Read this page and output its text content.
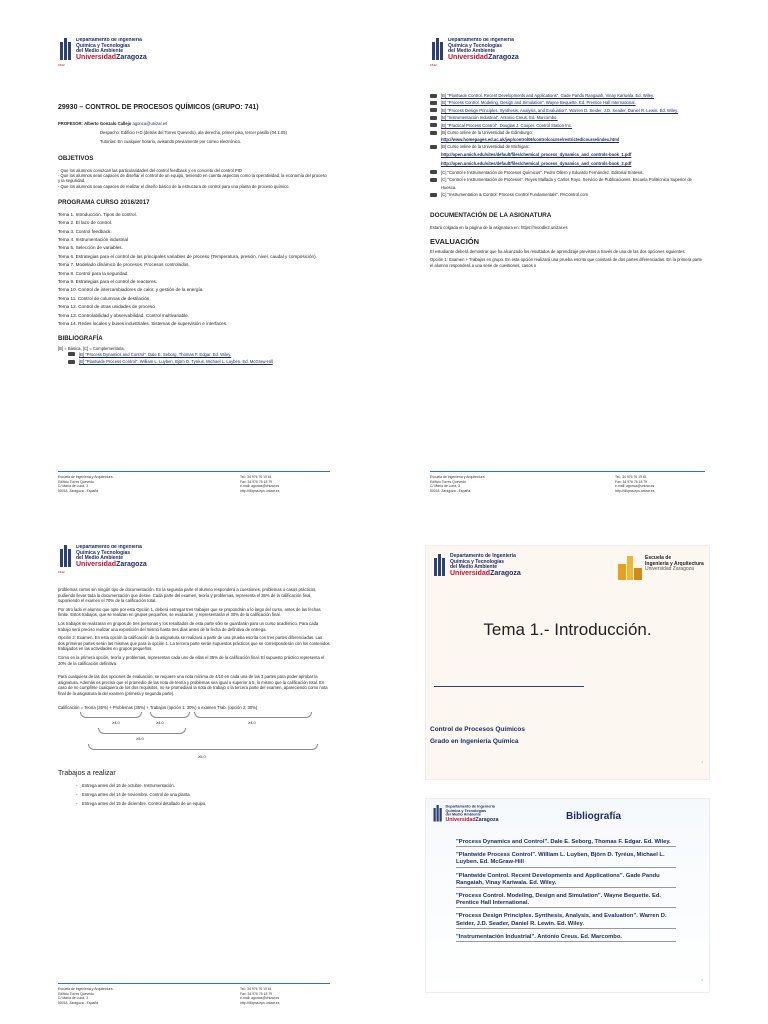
1542
Departamento de Ingeniería
Química y Tecnologías
del Medio Ambiente
UniversidadZaragoza
29930 – CONTROL DE PROCESOS QUÍMICOS (GRUPO: 741)
PROFESOR: Alberto Gonzalo Callejo agonca@unizar.es
Despacho: Edificio I+D (detrás del Torres Quevedo), ala derecha, primer piso, tercer pasillo (04.1.05)
Tutorías: En cualquier horario, avisando previamente por correo electrónico.
OBJETIVOS
- Que los alumnos conozcan las particularidades del control feedback y en concreto del control PID
- Que los alumnos sean capaces de diseñar el control de un equipo, teniendo en cuenta aspectos como la operatividad, la economía del proceso y la seguridad.
- Que los alumnos sean capaces de realizar el diseño básico de la estructura de control para una planta de proceso químico.
PROGRAMA CURSO 2016/2017
Tema 1. Introducción. Tipos de control.
Tema 2. El lazo de control.
Tema 3. Control feedback.
Tema 4. Instrumentación industrial
Tema 5. Selección de variables.
Tema 6. Estrategias para el control de las principales variables de proceso (Temperatura, presión, nivel, caudal y composición).
Tema 7. Modelado dinámico de procesos. Procesos controlados.
Tema 8. Control para la seguridad.
Tema 9. Estrategias para el control de reactores.
Tema 10. Control de intercambiadores de calor, y gestión de la energía.
Tema 11. Control de columnas de destilación.
Tema 12. Control de otras unidades de proceso
Tema 13. Controlabilidad y observabilidad. Control multivariable.
Tema 14. Redes locales y buses industriales. Sistemas de supervisión e interfaces.
BIBLIOGRAFÍA
[B] = Básica, [C] = Complementaria.
[B] "Process Dynamics and Control". Dale E. Seborg, Thomas F. Edgar. Ed. Wiley.
[B] "Plantwide Process Control". William L. Luyben, Björn D. Tyréus, Michael L. Luyben. Ed. McGraw-Hill
Escuela de Ingeniería y Arquitectura
Edificio Torres Quevedo
C/ María de Luna, 3
50018. Zaragoza - España
Tel.: 34 976 76 19 61
Fax: 34 976 76 18 79
e-mail: agonca@unizar.es
http://diiqma.eps.unizar.es
1542
Departamento de Ingeniería
Química y Tecnologías
del Medio Ambiente
UniversidadZaragoza
[B] "Plantwide Control. Recent Developments and Applications". Gade Pandu Rangaiah, Vinay Kariwala. Ed. Wiley.
[B] "Process Control. Modeling, Design and Simulation". Wayne Bequette. Ed. Prentice Hall International.
[B] "Process Design Principles. Synthesis, Analysis, and Evaluation". Warren D. Seider, J.D. Seader, Daniel R. Lewin. Ed. Wiley.
[B] "Instrumentación Industrial". Antonio Creus. Ed. Marcombo.
[B] "Practical Process Control". Douglas J. Cooper. Control Station Inc.
[B] Curso online de la Universidad de Edimburgo:
http://www.homepages.ed.ac.uk/jwp/control06/controlcourse/restricted/course/index.html
[B] Curso online de la Universidad de Michigan:
http://open.umich.edu/sites/default/files/chemical_process_dynamics_and_controls-book_1.pdf
http://open.umich.edu/sites/default/files/chemical_process_dynamics_and_controls-book_2.pdf
[C] "Control e Instrumentación de Procesos Químicos". Pedro Ollero y Eduardo Fernández. Editorial Síntesis.
[C] "Control e Instrumentación de Procesos". Reyes Mallada y Carlos Royo. Servicio de Publicaciones. Escuela Politécnica Superior de Huesca.
[C] "Instrumentation & Control: Process Control Fundamentals". PAControl.com
DOCUMENTACIÓN DE LA ASIGNATURA
Estará colgada en la página de la asignatura en: https://moodle2.unizar.es
EVALUACIÓN
El estudiante deberá demostrar que ha alcanzado los resultados de aprendizaje previstos a través de una de las dos opciones siguientes:
Opción 1: Examen + Trabajos en grupo. En esta opción realizará una prueba escrito que constará de dos partes diferenciadas. En la primera parte el alumno responderá a una serie de cuestiones, casos o
Escuela de Ingeniería y Arquitectura
Edificio Torres Quevedo
C/ María de Luna, 3
50018. Zaragoza - España
Tel.: 34 976 76 19 61
Fax: 34 976 76 18 79
e-mail: agonca@unizar.es
http://diiqma.eps.unizar.es
1542
Departamento de Ingeniería
Química y Tecnologías
del Medio Ambiente
UniversidadZaragoza

problemas cortos sin ningún tipo de documentación. En la segunda parte el alumno responderá a cuestiones, problemas o casos prácticos, pudiendo llevar toda la documentación que desee. Cada parte del examen, teoría y problemas, representa el 35% de la calificación final, suponiendo el examen el 70% de la calificación total.

Por otro lado el alumno que opte por esta Opción 1, deberá entregar tres trabajos que se propondrán a lo largo del curso, antes de las fechas límite. Estos trabajos, que se realizan en grupos pequeños, se evaluarán, y representarán el 30% de la calificación final.

Los trabajos se realizaran en grupos de tres personas y los resultados de esta parte sólo se guardarán para un curso académico. Para cada trabajo será preciso realizar una exposición del mismo hasta tres días antes de la fecha de definitiva de entrega.

Opción 2: Examen. En esta opción la calificación de la asignatura se realizará a partir de una prueba escrita con tres partes diferenciadas. Las dos primeras partes serán las mismas que para la opción 1. La tercera parte serán supuestos prácticos que se corresponderán con los contenidos trabajados en las actividades en grupos pequeños.

Como en la primera opción, teoría y problemas, representan cada uno de ellas el 35% de la calificación final. El supuesto práctico representa el 30% de la calificación definitiva.

Para cualquiera de las dos opciones de evaluación, se requiere una nota mínima de 4/10 en cada una de las 3 partes para poder aprobar la asignatura. Además es preciso que el promedio de las nota de teoría y problemas sea igual o superior a 5, lo mismo que la calificación total. En caso de no cumplirse cualquiera de los dos requisitos, no se promediará la nota de trabajo o la tercera parte del examen, apareciendo como nota final de la asignatura la del examen (primera y segunda parte).

Calificación = Teoría (35%) + Problemas (35%) + Trabajos (opción 1: 30%) o examen Trab. (opción 2; 30%)

≥4.0	≥4.0	≥4.0
≥5.0
≥5.0
Trabajos a realizar
- Entrega antes del 16 de octubre. Instrumentación.
- Entrega antes del 14 de noviembre. Control de una planta.
- Entrega antes del 15 de diciembre. Control detallado de un equipo.
Escuela de Ingeniería y Arquitectura
Edificio Torres Quevedo
C/ María de Luna, 3
50018. Zaragoza - España
Tel.: 34 976 76 19 61
Fax: 34 976 76 18 79
e-mail: agonca@unizar.es
http://diiqma.eps.unizar.es
Departamento de Ingeniería
Química y Tecnologías
del Medio Ambiente
UniversidadZaragoza
Escuela de
Ingeniería y Arquitectura
Universidad Zaragoza
Tema 1.- Introducción.
Control de Procesos Químicos
Grado en Ingeniería Química
1
Departamento de Ingeniería
Química y Tecnologías
del Medio Ambiente
UniversidadZaragoza	Bibliografía
"Process Dynamics and Control". Dale E. Seborg, Thomas F. Edgar. Ed. Wiley.
"Plantwide Process Control". William L. Luyben, Björn D. Tyréus, Michael L. Luyben. Ed. McGraw-Hill
"Plantwide Control. Recent Developments and Applications". Gade Pandu Rangaiah, Vinay Kariwala. Ed. Wiley.
"Process Control. Modeling, Design and Simulation". Wayne Bequette. Ed. Prentice Hall International.
"Process Design Principles. Synthesis, Analysis, and Evaluation". Warren D. Seider, J.D. Seader, Daniel R. Lewin. Ed. Wiley.
"Instrumentación Industrial". Antonio Creus. Ed. Marcombo.
2
